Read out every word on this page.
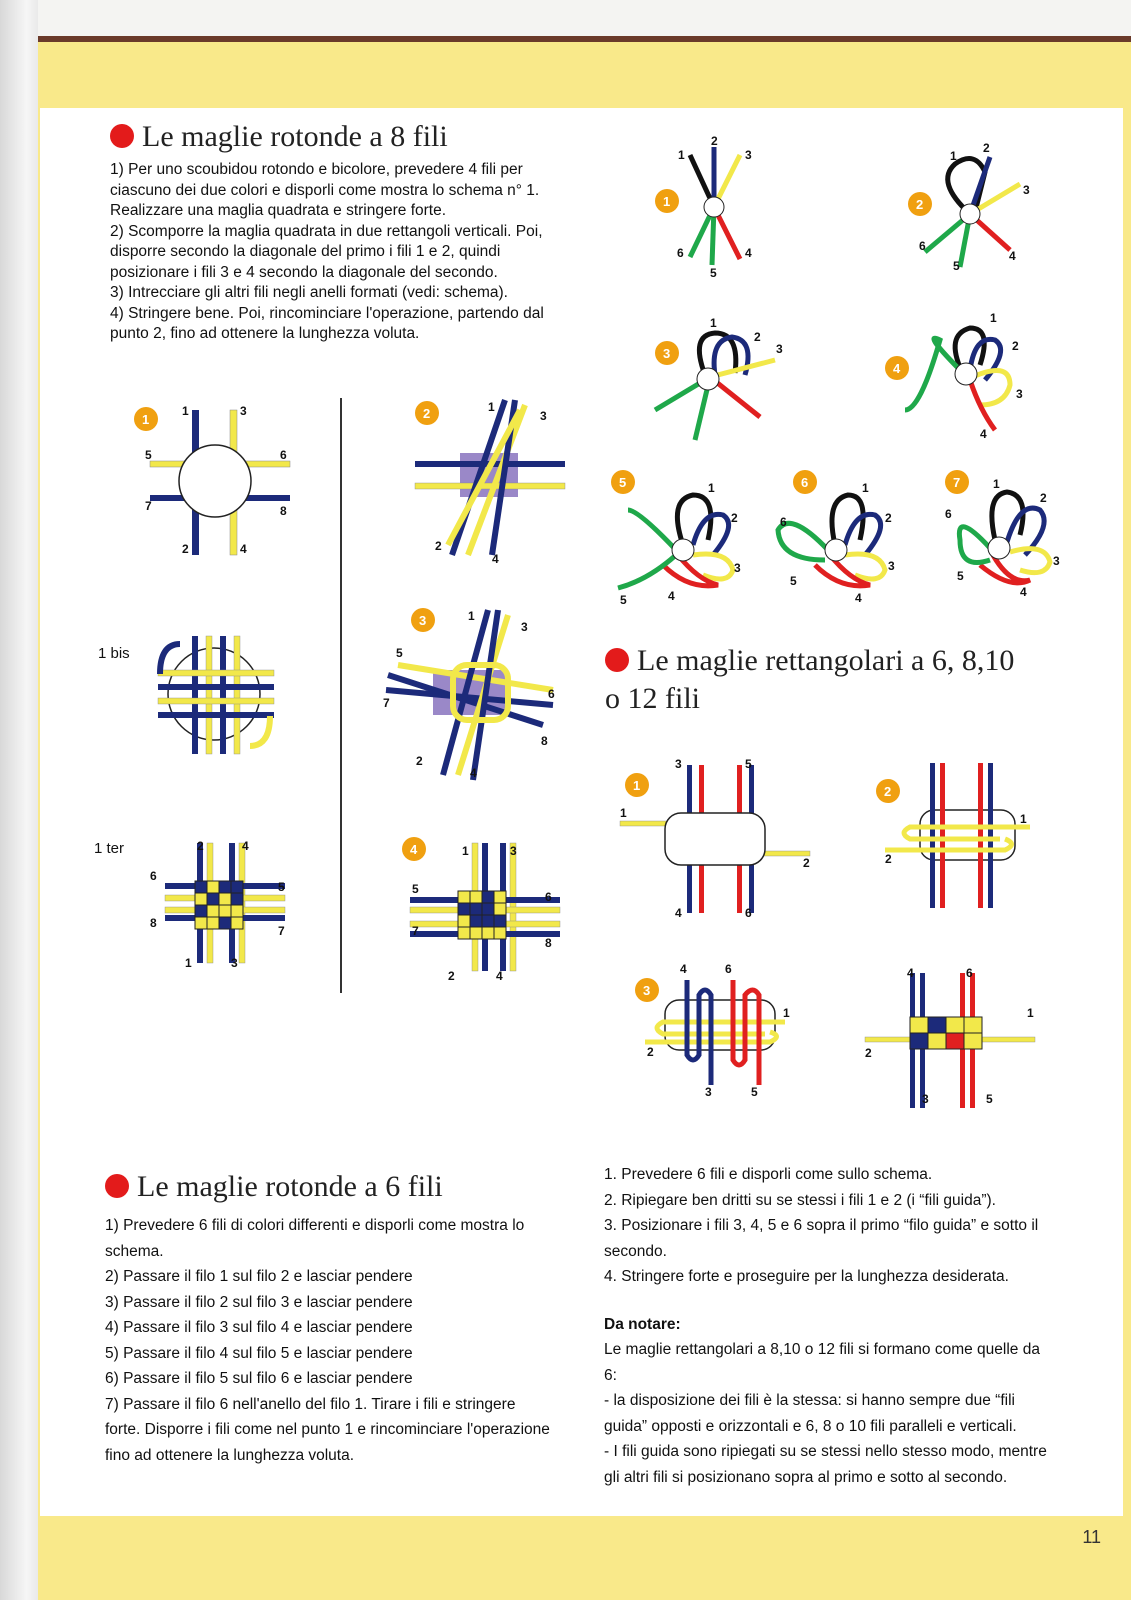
Le maglie rotonde a 8 fili

1) Per uno scoubidou rotondo e bicolore, prevedere 4 fili per ciascuno dei due colori e disporli come mostra lo schema n° 1. Realizzare una maglia quadrata e stringere forte.

2) Scomporre la maglia quadrata in due rettangoli verticali. Poi, disporre secondo la diagonale del primo i fili 1 e 2, quindi posizionare i fili 3 e 4 secondo la diagonale del secondo.

3) Intrecciare gli altri fili negli anelli formati (vedi: schema).

4) Stringere bene. Poi, rincominciare l'operazione, partendo dal punto 2, fino ad ottenere la lunghezza voluta.

1
1	3
5	6
7	8
2	4
1 bis
1 ter	2	4
6
5
8
7
1	3
2	1
3
2
4
3	1
3
5
6
7
8
2
4
4	1	3
5
6
7
8
2	4
1
1
2
3
4
5
6
2
1
2
3
4
5
6
3
1
2
3
4
1
2
3
4
5	1
2
3
4
5
6	1
2
3
4
5
6
7	1
2
3
4
5
6
Le maglie rettangolari a 6, 8,10
o 12 fili
1
3	5
1
2
4	6
2
1
2
3
4	6
1
2
3	5
4	6
1
2
3	5
Le maglie rotonde a 6 fili

1) Prevedere 6 fili di colori differenti e disporli come mostra lo schema.

2) Passare il filo 1 sul filo 2 e lasciar pendere

3) Passare il filo 2 sul filo 3 e lasciar pendere

4) Passare il filo 3 sul filo 4 e lasciar pendere

5) Passare il filo 4 sul filo 5 e lasciar pendere

6) Passare il filo 5 sul filo 6 e lasciar pendere

7) Passare il filo 6 nell'anello del filo 1. Tirare i fili e stringere forte. Disporre i fili come nel punto 1 e rincominciare l'operazione fino ad ottenere la lunghezza voluta.

1. Prevedere 6 fili e disporli come sullo schema.

2. Ripiegare ben dritti su se stessi i fili 1 e 2 (i “fili guida”).

3. Posizionare i fili 3, 4, 5 e 6 sopra il primo “filo guida” e sotto il secondo.

4. Stringere forte e proseguire per la lunghezza desiderata.

Da notare:

Le maglie rettangolari a 8,10 o 12 fili si formano come quelle da 6:

- la disposizione dei fili è la stessa: si hanno sempre due “fili guida” opposti e orizzontali e 6, 8 o 10 fili paralleli e verticali.

- I fili guida sono ripiegati su se stessi nello stesso modo, mentre gli altri fili si posizionano sopra al primo e sotto al secondo.

11
